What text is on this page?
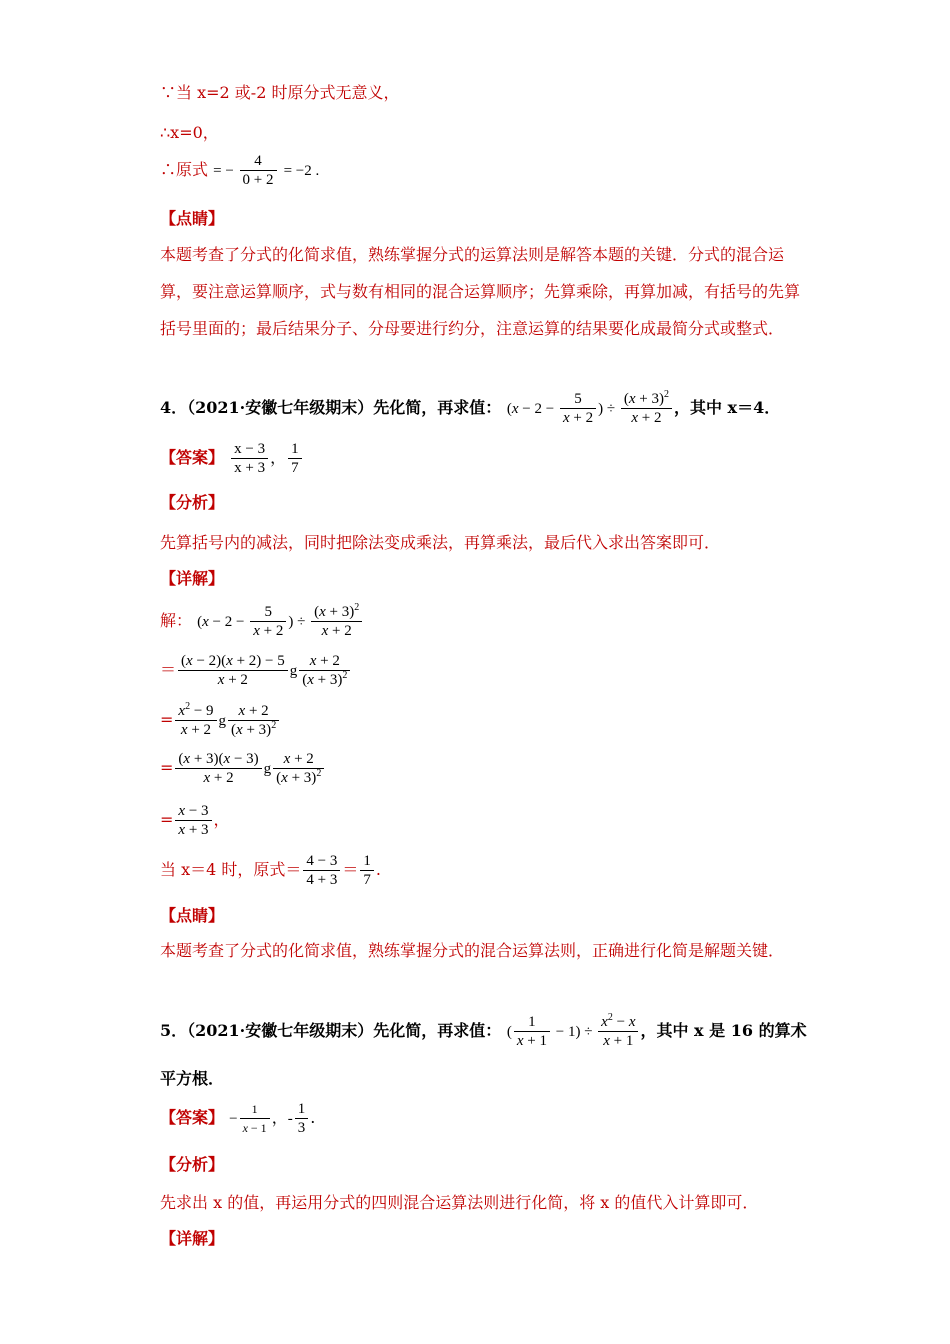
∵当 x=2 或-2 时原分式无意义，
∴x=0，
∴原式 = − $\frac{4}{0 + 2} = -2$ .
【点睛】
本题考查了分式的化简求值，熟练掌握分式的运算法则是解答本题的关键．分式的混合运算，要注意运算顺序，式与数有相同的混合运算顺序；先算乘除，再算加减，有括号的先算括号里面的；最后结果分子、分母要进行约分，注意运算的结果要化成最简分式或整式．
4．（2021·安徽七年级期末）先化简，再求值： ($x - 2 - \frac{5}{x + 2}$ ) ÷ $\frac{(x + 3)^2}{x + 2}$ ，其中 x＝4．
【答案】 $\frac{x - 3}{x + 3}$ ， $\frac{1}{7}$
【分析】
先算括号内的减法，同时把除法变成乘法，再算乘法，最后代入求出答案即可．
【详解】
解： ($x - 2 - \frac{5}{x + 2}$ ) ÷ $\frac{(x + 3)^2}{x + 2}$
＝ $\frac{(x - 2)(x + 2) - 5}{x + 2}$ g $\frac{x + 2}{(x + 3)^2}$
= $\frac{x^2 - 9}{x + 2}$ g $\frac{x + 2}{(x + 3)^2}$
= $\frac{(x + 3)(x - 3)}{x + 2}$ g $\frac{x + 2}{(x + 3)^2}$
= $\frac{x - 3}{x + 3}$ ，
当 x＝4 时，原式＝ $\frac{4 - 3}{4 + 3} = \frac{1}{7}$ .
【点睛】
本题考查了分式的化简求值，熟练掌握分式的混合运算法则，正确进行化简是解题关键．
5．（2021·安徽七年级期末）先化简，再求值： ( $\frac{1}{x + 1} - 1) \div \frac{x^2 - x}{x + 1}$ ，其中 x 是 16 的算术
平方根．
【答案】 − $\frac{1}{x - 1}$ ，- $\frac{1}{3}$ .
【分析】
先求出 x 的值，再运用分式的四则混合运算法则进行化简，将 x 的值代入计算即可．
【详解】
